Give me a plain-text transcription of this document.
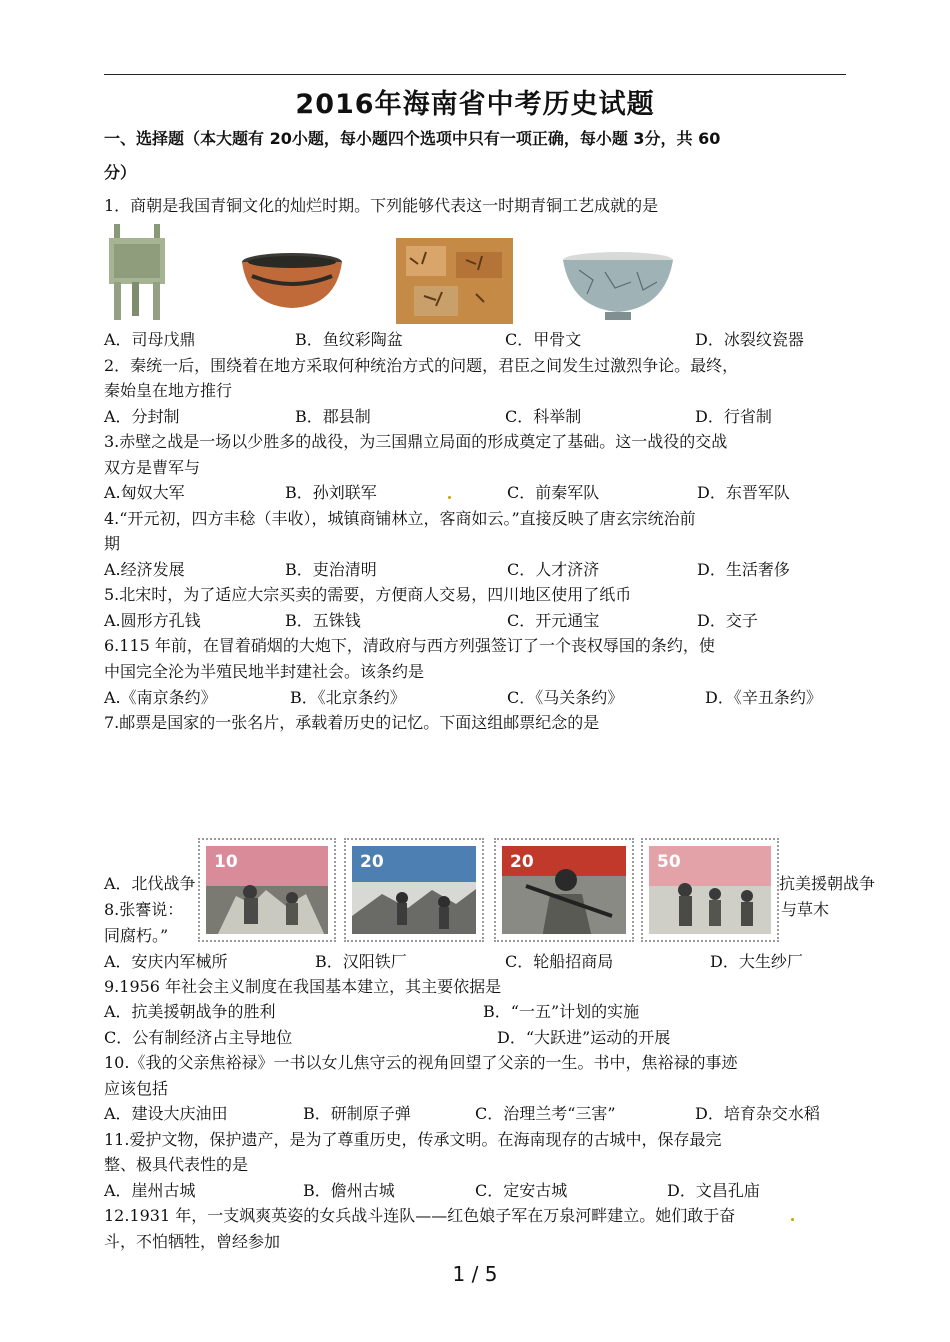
2016年海南省中考历史试题
一、选择题（本大题有 20小题，每小题四个选项中只有一项正确，每小题 3分，共 60
分）
1．商朝是我国青铜文化的灿烂时期。下列能够代表这一时期青铜工艺成就的是
A．司母戊鼎	B．鱼纹彩陶盆	C．甲骨文	D．冰裂纹瓷器
2．秦统一后，围绕着在地方采取何种统治方式的问题，君臣之间发生过激烈争论。最终，
秦始皇在地方推行
A．分封制	B．郡县制	C．科举制	D．行省制
3.赤壁之战是一场以少胜多的战役，为三国鼎立局面的形成奠定了基础。这一战役的交战
双方是曹军与
A.匈奴大军	B．孙刘联军	C．前秦军队	D．东晋军队
4.“开元初，四方丰稔（丰收），城镇商铺林立，客商如云。”直接反映了唐玄宗统治前
期
A.经济发展	B．吏治清明	C．人才济济	D．生活奢侈
5.北宋时，为了适应大宗买卖的需要，方便商人交易，四川地区使用了纸币
A.圆形方孔钱	B．五铢钱	C．开元通宝	D．交子
6.115 年前，在冒着硝烟的大炮下，清政府与西方列强签订了一个丧权辱国的条约，使
中国完全沦为半殖民地半封建社会。该条约是
A.《南京条约》	B．《北京条约》	C．《马关条约》	D．《辛丑条约》
7.邮票是国家的一张名片，承载着历史的记忆。下面这组邮票纪念的是
A．北伐战争	抗美援朝战争
8.张謇说：	与草木
同腐朽。”
10	20	20	50
A．安庆内军械所	B．汉阳铁厂	C．轮船招商局	D．大生纱厂
9.1956 年社会主义制度在我国基本建立，其主要依据是
A．抗美援朝战争的胜利	B．“一五”计划的实施
C．公有制经济占主导地位	D．“大跃进”运动的开展
10.《我的父亲焦裕禄》一书以女儿焦守云的视角回望了父亲的一生。书中，焦裕禄的事迹
应该包括
A．建设大庆油田	B．研制原子弹	C．治理兰考“三害”	D．培育杂交水稻
11.爱护文物，保护遗产，是为了尊重历史，传承文明。在海南现存的古城中，保存最完
整、极具代表性的是
A．崖州古城	B．儋州古城	C．定安古城	D．文昌孔庙
12.1931 年，一支飒爽英姿的女兵战斗连队——红色娘子军在万泉河畔建立。她们敢于奋
斗，不怕牺牲，曾经参加
1 / 5
